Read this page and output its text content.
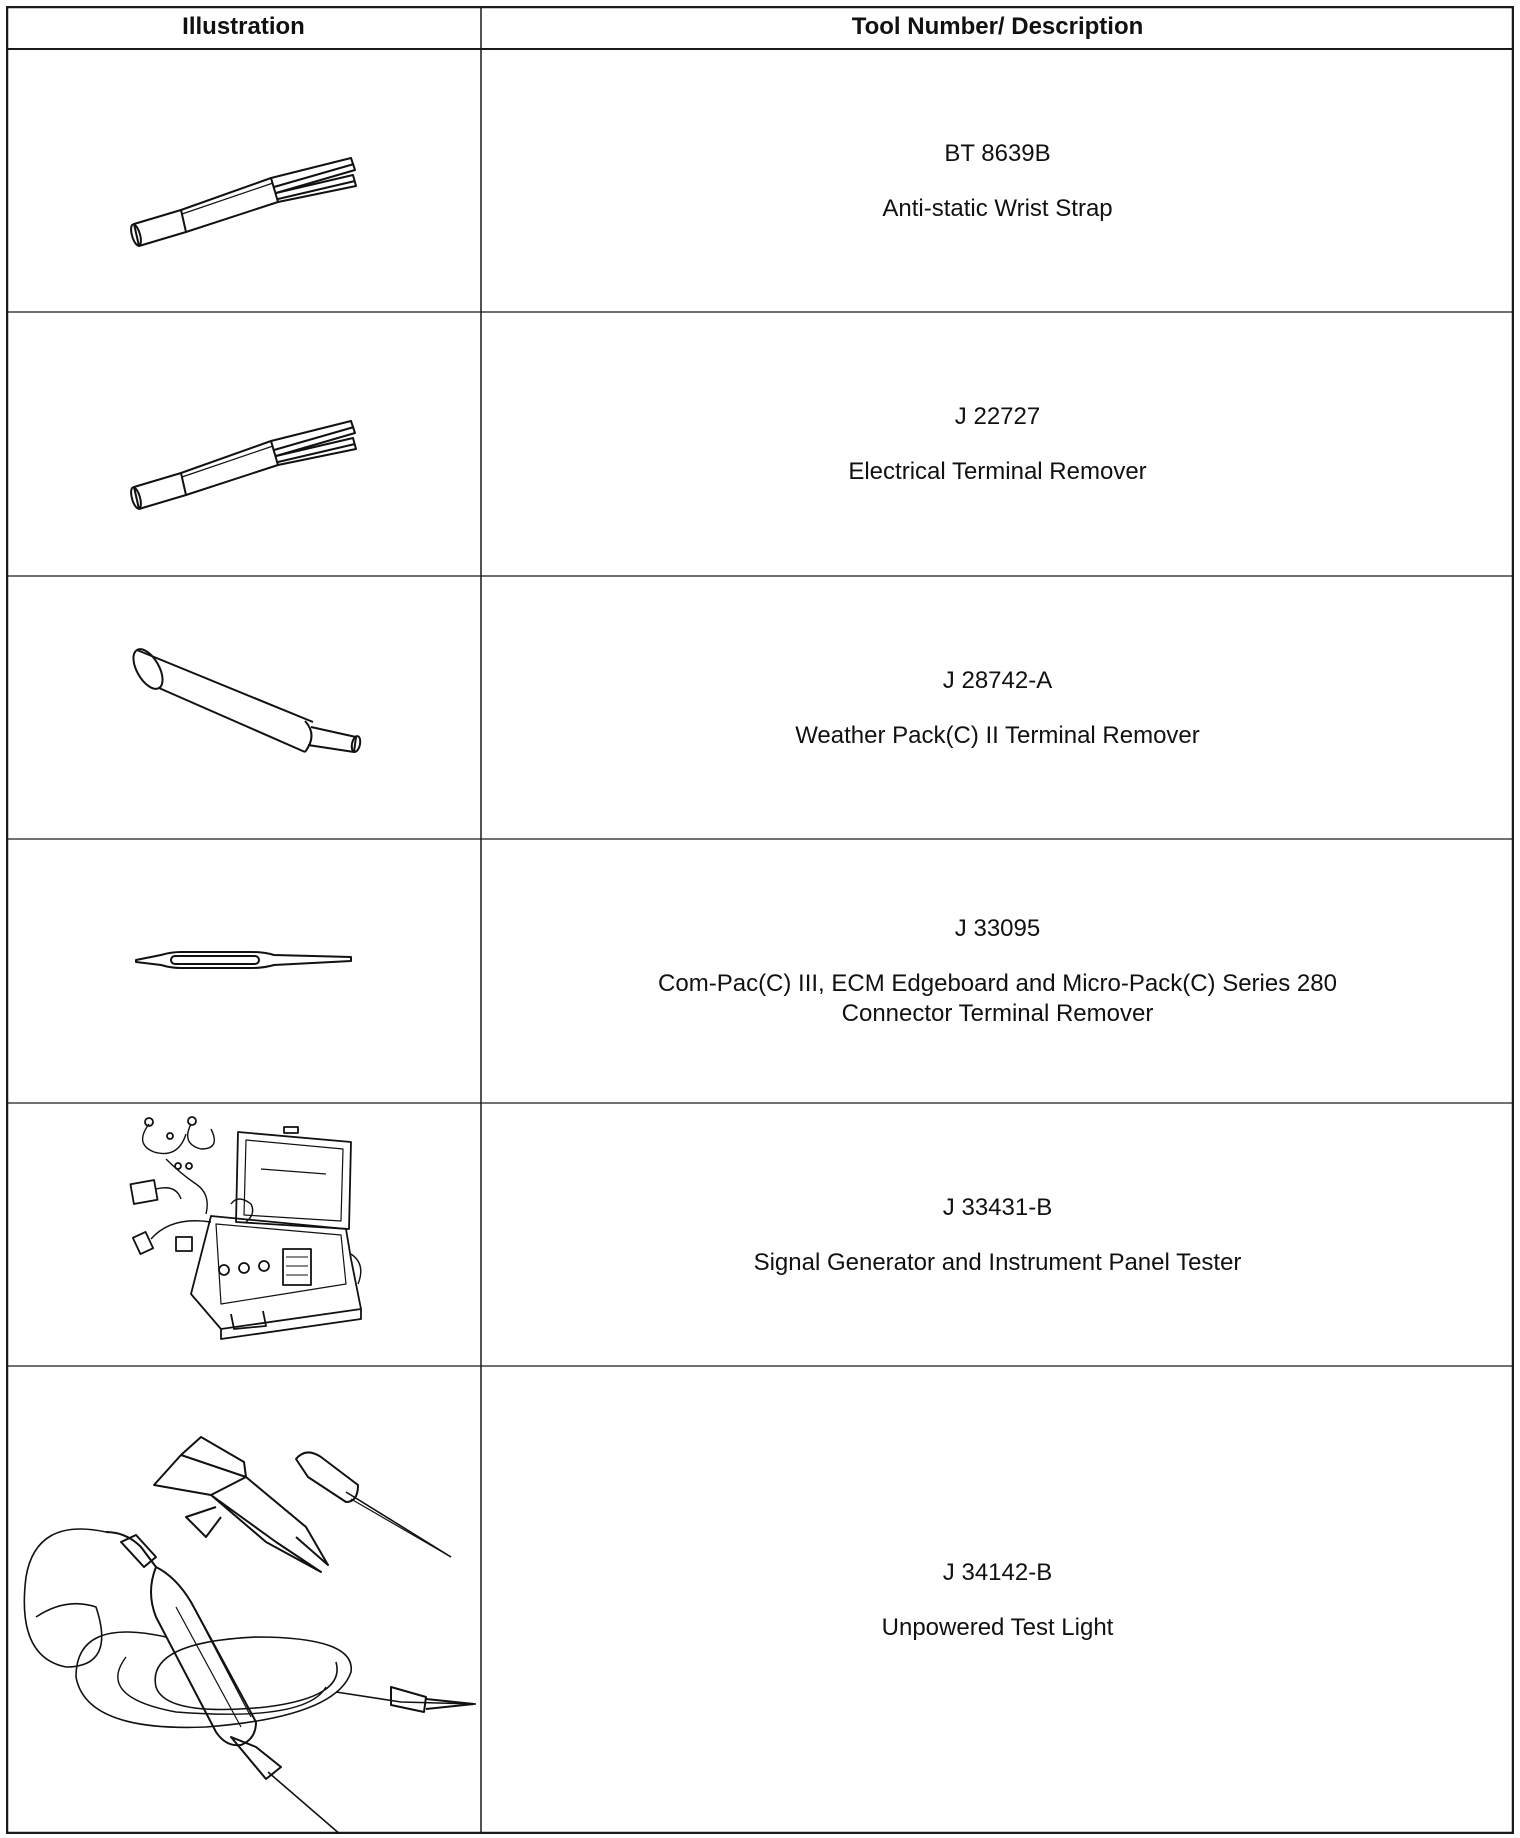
Illustration	Tool Number/ Description
BT 8639B
Anti-static Wrist Strap
J 22727
Electrical Terminal Remover
J 28742-A
Weather Pack(C) II Terminal Remover
J 33095
Com-Pac(C) III, ECM Edgeboard and Micro-Pack(C) Series 280
Connector Terminal Remover
J 33431-B
Signal Generator and Instrument Panel Tester
J 34142-B
Unpowered Test Light
